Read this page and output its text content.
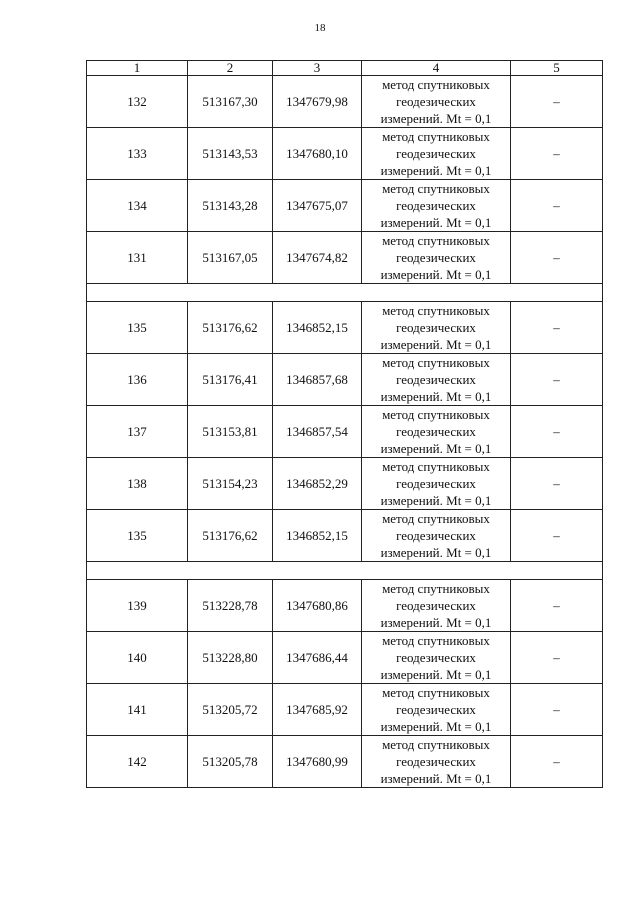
18
1	2	3	4	5
132	513167,30	1347679,98	метод спутниковых
геодезических
измерений. Mt = 0,1	–
133	513143,53	1347680,10	метод спутниковых
геодезических
измерений. Mt = 0,1	–
134	513143,28	1347675,07	метод спутниковых
геодезических
измерений. Mt = 0,1	–
131	513167,05	1347674,82	метод спутниковых
геодезических
измерений. Mt = 0,1	–

135	513176,62	1346852,15	метод спутниковых
геодезических
измерений. Mt = 0,1	–
136	513176,41	1346857,68	метод спутниковых
геодезических
измерений. Mt = 0,1	–
137	513153,81	1346857,54	метод спутниковых
геодезических
измерений. Mt = 0,1	–
138	513154,23	1346852,29	метод спутниковых
геодезических
измерений. Mt = 0,1	–
135	513176,62	1346852,15	метод спутниковых
геодезических
измерений. Mt = 0,1	–

139	513228,78	1347680,86	метод спутниковых
геодезических
измерений. Mt = 0,1	–
140	513228,80	1347686,44	метод спутниковых
геодезических
измерений. Mt = 0,1	–
141	513205,72	1347685,92	метод спутниковых
геодезических
измерений. Mt = 0,1	–
142	513205,78	1347680,99	метод спутниковых
геодезических
измерений. Mt = 0,1	–
